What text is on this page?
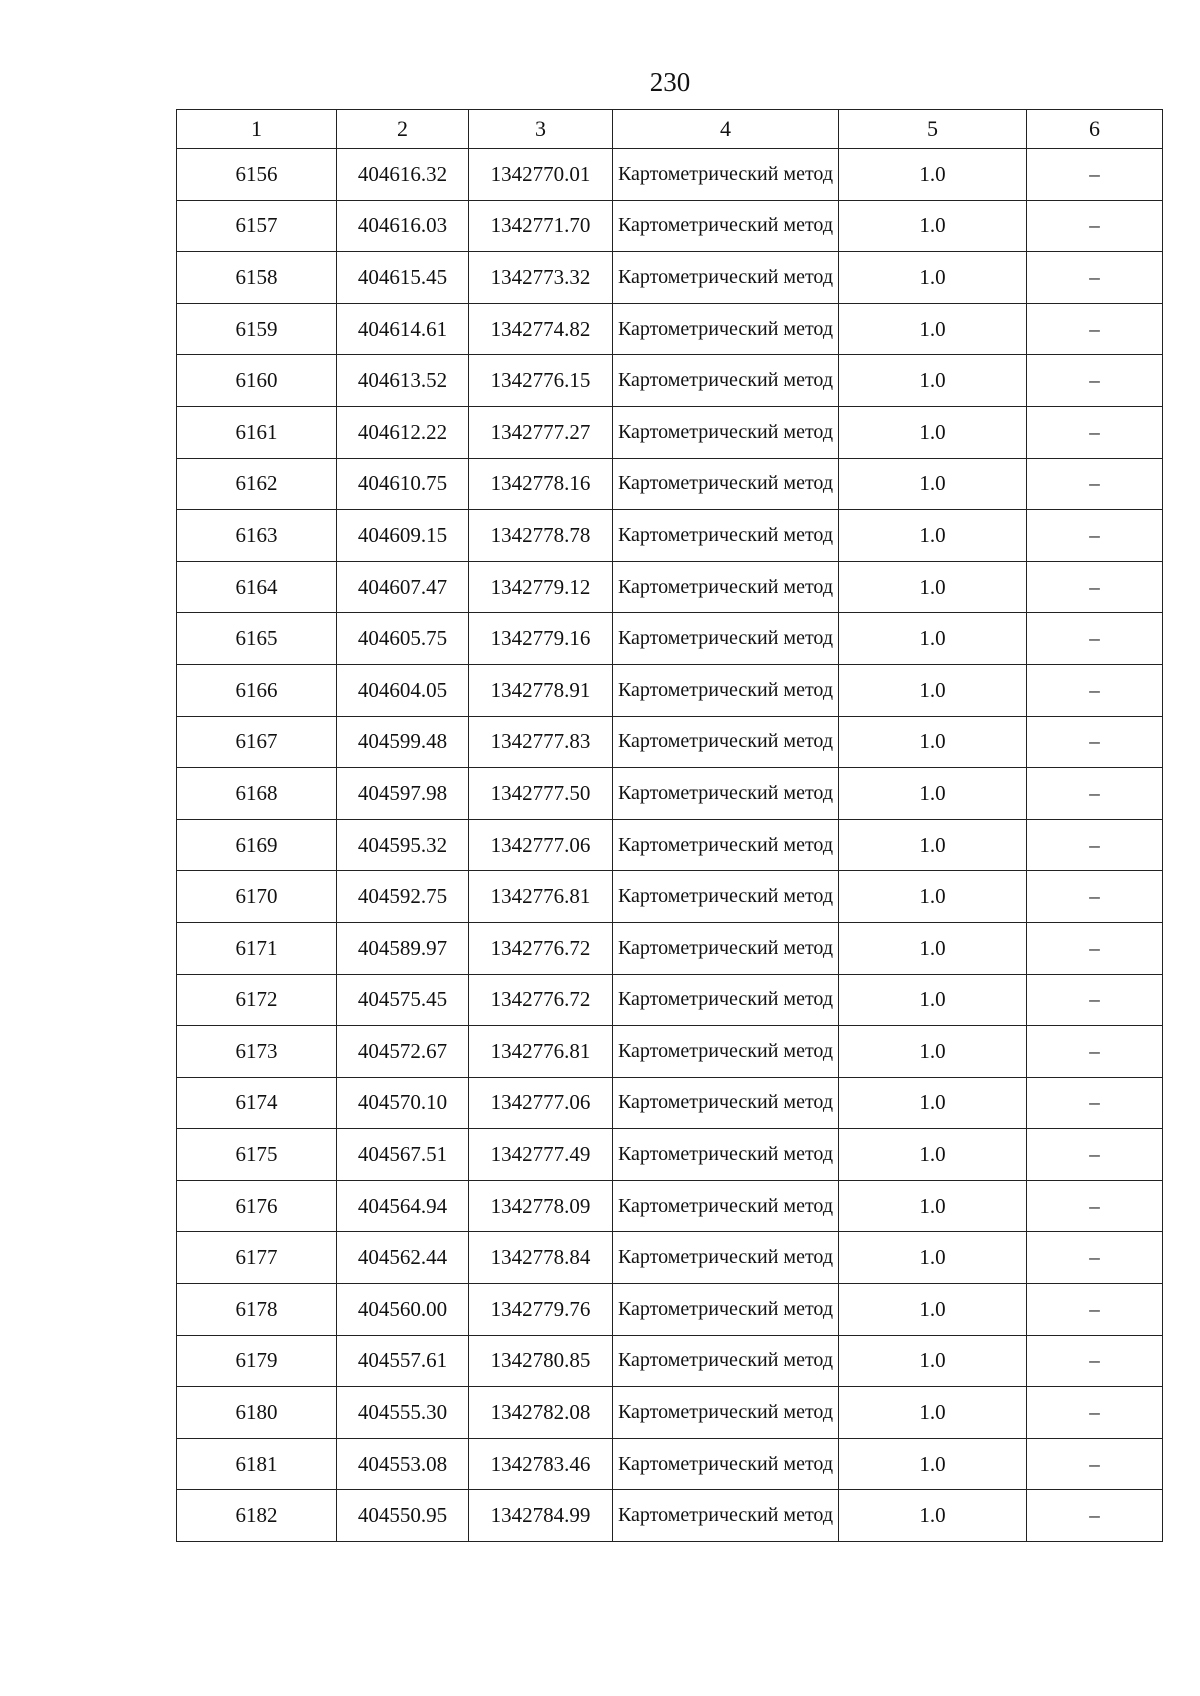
230
1	2	3	4	5	6
6156	404616.32	1342770.01	Картометрический метод	1.0	–
6157	404616.03	1342771.70	Картометрический метод	1.0	–
6158	404615.45	1342773.32	Картометрический метод	1.0	–
6159	404614.61	1342774.82	Картометрический метод	1.0	–
6160	404613.52	1342776.15	Картометрический метод	1.0	–
6161	404612.22	1342777.27	Картометрический метод	1.0	–
6162	404610.75	1342778.16	Картометрический метод	1.0	–
6163	404609.15	1342778.78	Картометрический метод	1.0	–
6164	404607.47	1342779.12	Картометрический метод	1.0	–
6165	404605.75	1342779.16	Картометрический метод	1.0	–
6166	404604.05	1342778.91	Картометрический метод	1.0	–
6167	404599.48	1342777.83	Картометрический метод	1.0	–
6168	404597.98	1342777.50	Картометрический метод	1.0	–
6169	404595.32	1342777.06	Картометрический метод	1.0	–
6170	404592.75	1342776.81	Картометрический метод	1.0	–
6171	404589.97	1342776.72	Картометрический метод	1.0	–
6172	404575.45	1342776.72	Картометрический метод	1.0	–
6173	404572.67	1342776.81	Картометрический метод	1.0	–
6174	404570.10	1342777.06	Картометрический метод	1.0	–
6175	404567.51	1342777.49	Картометрический метод	1.0	–
6176	404564.94	1342778.09	Картометрический метод	1.0	–
6177	404562.44	1342778.84	Картометрический метод	1.0	–
6178	404560.00	1342779.76	Картометрический метод	1.0	–
6179	404557.61	1342780.85	Картометрический метод	1.0	–
6180	404555.30	1342782.08	Картометрический метод	1.0	–
6181	404553.08	1342783.46	Картометрический метод	1.0	–
6182	404550.95	1342784.99	Картометрический метод	1.0	–
